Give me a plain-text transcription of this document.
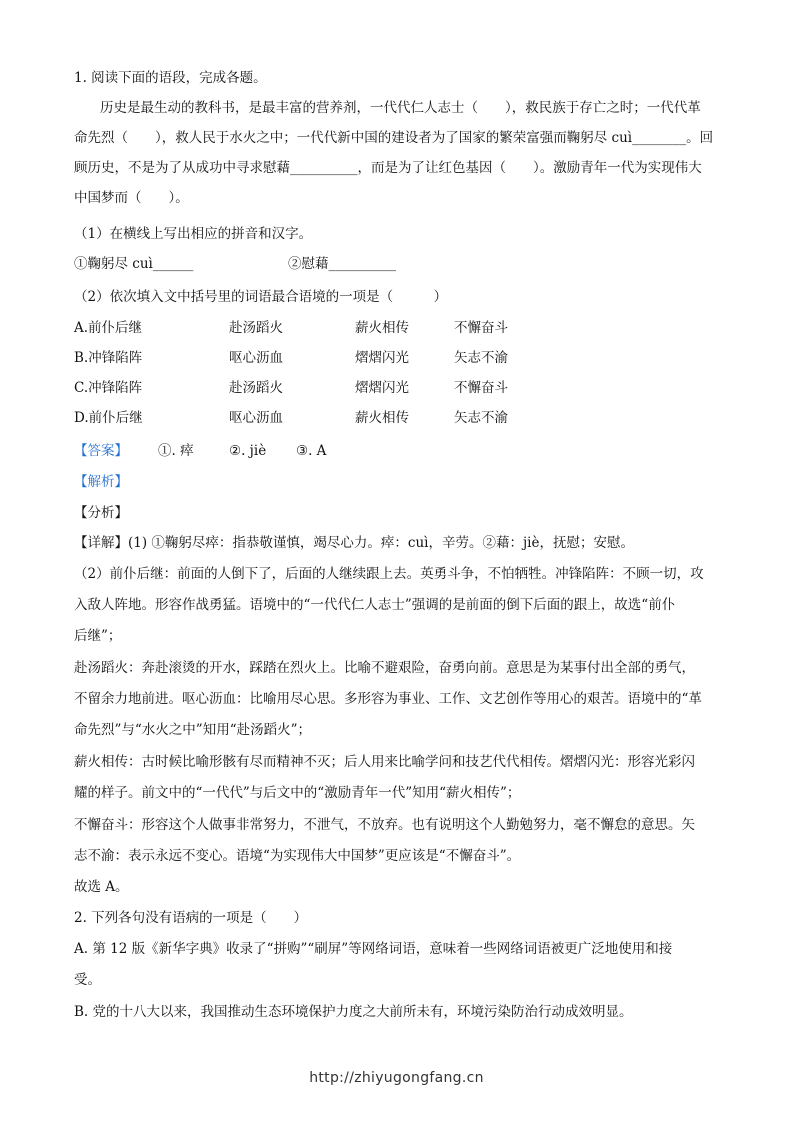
1. 阅读下面的语段，完成各题。
历史是最生动的教科书，是最丰富的营养剂，一代代仁人志士（　　），救民族于存亡之时；一代代革
命先烈（　　），救人民于水火之中；一代代新中国的建设者为了国家的繁荣富强而鞠躬尽 cuì________。回
顾历史，不是为了从成功中寻求慰藉__________，而是为了让红色基因（　　）。激励青年一代为实现伟大
中国梦而（　　）。
（1）在横线上写出相应的拼音和汉字。
①鞠躬尽 cuì______	②慰藉__________
（2）依次填入文中括号里的词语最合语境的一项是（　　　）
A.前仆后继	赴汤蹈火	薪火相传	不懈奋斗
B.冲锋陷阵	呕心沥血	熠熠闪光	矢志不渝
C.冲锋陷阵	赴汤蹈火	熠熠闪光	不懈奋斗
D.前仆后继	呕心沥血	薪火相传	矢志不渝
【答案】 ①. 瘁	②. jiè ③. A
【解析】
【分析】
【详解】(1) ①鞠躬尽瘁：指恭敬谨慎，竭尽心力。瘁：cuì，辛劳。②藉：jiè，抚慰；安慰。
（2）前仆后继：前面的人倒下了，后面的人继续跟上去。英勇斗争，不怕牺牲。冲锋陷阵：不顾一切，攻
入敌人阵地。形容作战勇猛。语境中的“一代代仁人志士”强调的是前面的倒下后面的跟上，故选“前仆
后继”；
赴汤蹈火：奔赴滚烫的开水，踩踏在烈火上。比喻不避艰险，奋勇向前。意思是为某事付出全部的勇气，
不留余力地前进。呕心沥血：比喻用尽心思。多形容为事业、工作、文艺创作等用心的艰苦。语境中的“革
命先烈”与“水火之中”知用“赴汤蹈火”；
薪火相传：古时候比喻形骸有尽而精神不灭；后人用来比喻学问和技艺代代相传。熠熠闪光：形容光彩闪
耀的样子。前文中的“一代代”与后文中的“激励青年一代”知用“薪火相传”；
不懈奋斗：形容这个人做事非常努力，不泄气，不放弃。也有说明这个人勤勉努力，毫不懈怠的意思。矢
志不渝：表示永远不变心。语境“为实现伟大中国梦”更应该是“不懈奋斗”。
故选 A。
2. 下列各句没有语病的一项是（　　）
A. 第 12 版《新华字典》收录了“拼购”“刷屏”等网络词语，意味着一些网络词语被更广泛地使用和接
受。
B. 党的十八大以来，我国推动生态环境保护力度之大前所未有，环境污染防治行动成效明显。
http://zhiyugongfang.cn
